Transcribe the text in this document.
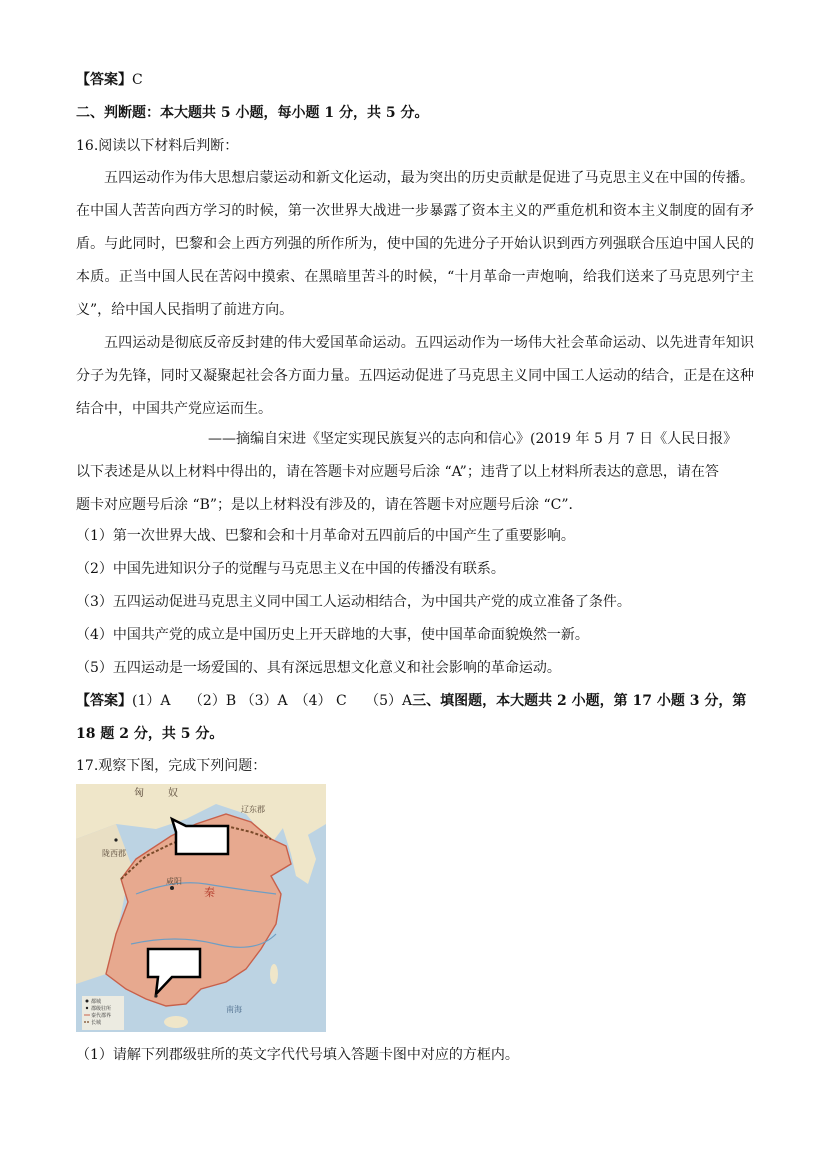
【答案】C
二、判断题：本大题共 5 小题，每小题 1 分，共 5 分。
16.阅读以下材料后判断：
五四运动作为伟大思想启蒙运动和新文化运动，最为突出的历史贡献是促进了马克思主义在中国的传播。在中国人苦苦向西方学习的时候，第一次世界大战进一步暴露了资本主义的严重危机和资本主义制度的固有矛盾。与此同时，巴黎和会上西方列强的所作所为，使中国的先进分子开始认识到西方列强联合压迫中国人民的本质。正当中国人民在苦闷中摸索、在黑暗里苦斗的时候，“十月革命一声炮响，给我们送来了马克思列宁主义”，给中国人民指明了前进方向。
五四运动是彻底反帝反封建的伟大爱国革命运动。五四运动作为一场伟大社会革命运动、以先进青年知识分子为先锋，同时又凝聚起社会各方面力量。五四运动促进了马克思主义同中国工人运动的结合，正是在这种结合中，中国共产党应运而生。
——摘编自宋进《坚定实现民族复兴的志向和信心》(2019 年 5 月 7 日《人民日报》
以下表述是从以上材料中得出的，请在答题卡对应题号后涂 “A”；违背了以上材料所表达的意思，请在答
题卡对应题号后涂 “B”；是以上材料没有涉及的，请在答题卡对应题号后涂 “C”．
（1）第一次世界大战、巴黎和会和十月革命对五四前后的中国产生了重要影响。
（2）中国先进知识分子的觉醒与马克思主义在中国的传播没有联系。
（3）五四运动促进马克思主义同中国工人运动相结合，为中国共产党的成立准备了条件。
（4）中国共产党的成立是中国历史上开天辟地的大事，使中国革命面貌焕然一新。
（5）五四运动是一场爱国的、具有深远思想文化意义和社会影响的革命运动。
【答案】(1）A　 （2）B （3）A　（4） C　 （5）A三、填图题，本大题共 2 小题，第 17 小题 3 分，第
18 题 2 分，共 5 分。
17.观察下图，完成下列问题：
匈 奴
辽东郡
陇西郡
咸阳
秦
南海
都城
郡级驻所
秦代郡界
长城
（1）请解下列郡级驻所的英文字代代号填入答题卡图中对应的方框内。
